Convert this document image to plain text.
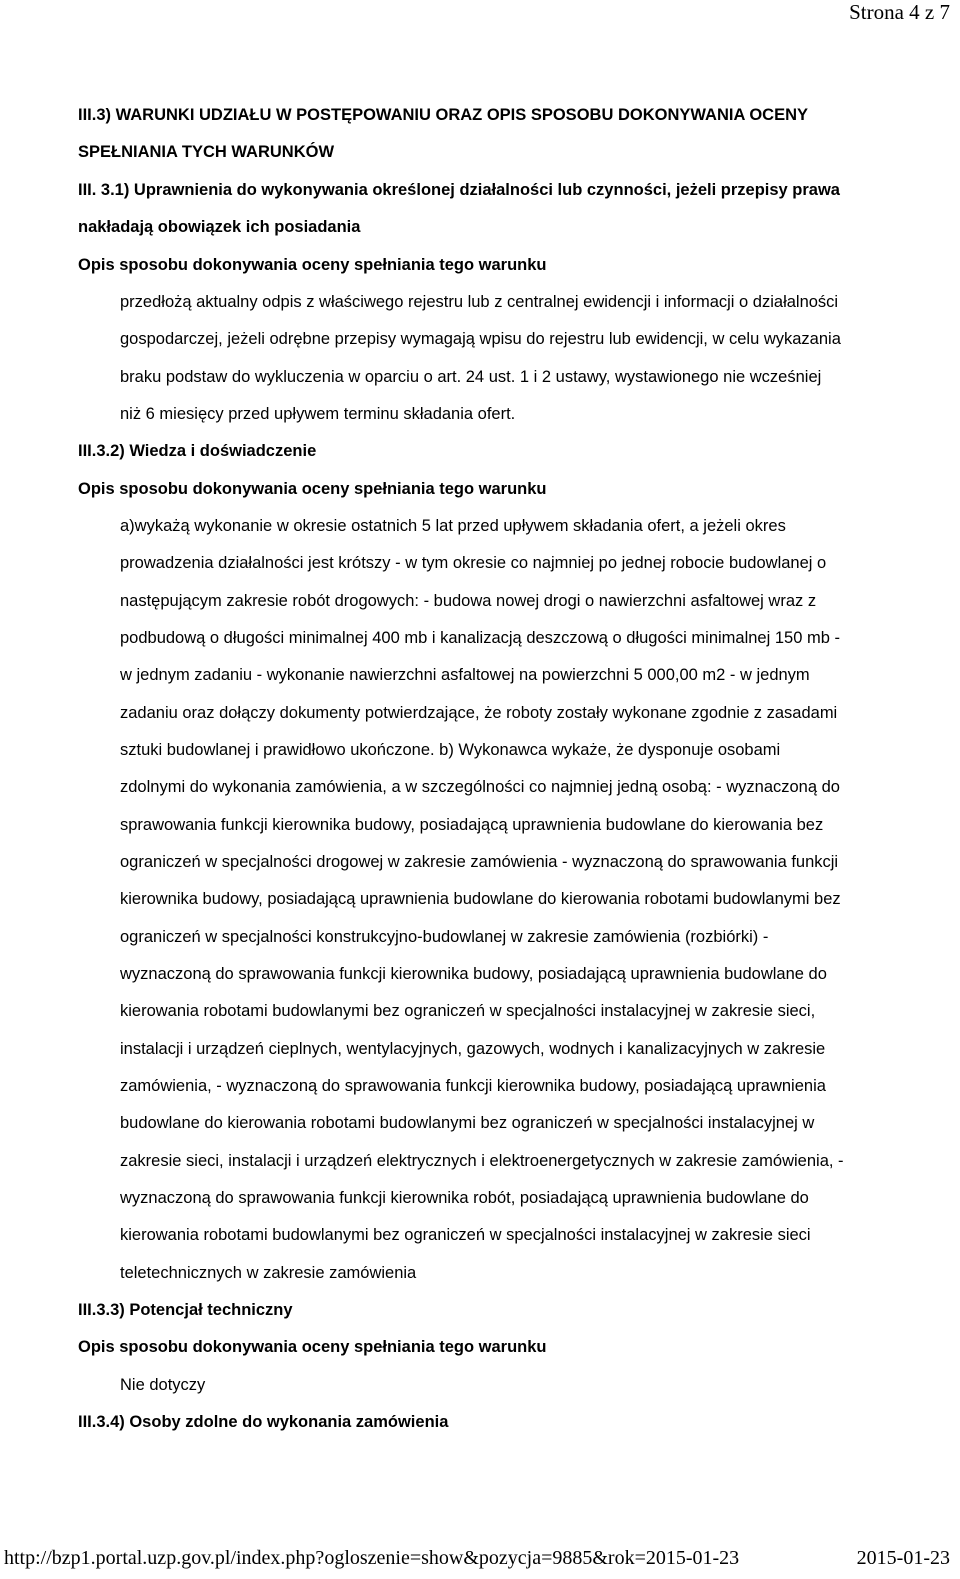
Strona 4 z 7
III.3) WARUNKI UDZIAŁU W POSTĘPOWANIU ORAZ OPIS SPOSOBU DOKONYWANIA OCENY
SPEŁNIANIA TYCH WARUNKÓW
III. 3.1) Uprawnienia do wykonywania określonej działalności lub czynności, jeżeli przepisy prawa
nakładają obowiązek ich posiadania
Opis sposobu dokonywania oceny spełniania tego warunku
przedłożą aktualny odpis z właściwego rejestru lub z centralnej ewidencji i informacji o działalności
gospodarczej, jeżeli odrębne przepisy wymagają wpisu do rejestru lub ewidencji, w celu wykazania
braku podstaw do wykluczenia w oparciu o art. 24 ust. 1 i 2 ustawy, wystawionego nie wcześniej
niż 6 miesięcy przed upływem terminu składania ofert.
III.3.2) Wiedza i doświadczenie
Opis sposobu dokonywania oceny spełniania tego warunku
a)wykażą wykonanie w okresie ostatnich 5 lat przed upływem składania ofert, a jeżeli okres
prowadzenia działalności jest krótszy - w tym okresie co najmniej po jednej robocie budowlanej o
następującym zakresie robót drogowych: - budowa nowej drogi o nawierzchni asfaltowej wraz z
podbudową o długości minimalnej 400 mb i kanalizacją deszczową o długości minimalnej 150 mb -
w jednym zadaniu - wykonanie nawierzchni asfaltowej na powierzchni 5 000,00 m2 - w jednym
zadaniu oraz dołączy dokumenty potwierdzające, że roboty zostały wykonane zgodnie z zasadami
sztuki budowlanej i prawidłowo ukończone. b) Wykonawca wykaże, że dysponuje osobami
zdolnymi do wykonania zamówienia, a w szczególności co najmniej jedną osobą: - wyznaczoną do
sprawowania funkcji kierownika budowy, posiadającą uprawnienia budowlane do kierowania bez
ograniczeń w specjalności drogowej w zakresie zamówienia - wyznaczoną do sprawowania funkcji
kierownika budowy, posiadającą uprawnienia budowlane do kierowania robotami budowlanymi bez
ograniczeń w specjalności konstrukcyjno-budowlanej w zakresie zamówienia (rozbiórki) -
wyznaczoną do sprawowania funkcji kierownika budowy, posiadającą uprawnienia budowlane do
kierowania robotami budowlanymi bez ograniczeń w specjalności instalacyjnej w zakresie sieci,
instalacji i urządzeń cieplnych, wentylacyjnych, gazowych, wodnych i kanalizacyjnych w zakresie
zamówienia, - wyznaczoną do sprawowania funkcji kierownika budowy, posiadającą uprawnienia
budowlane do kierowania robotami budowlanymi bez ograniczeń w specjalności instalacyjnej w
zakresie sieci, instalacji i urządzeń elektrycznych i elektroenergetycznych w zakresie zamówienia, -
wyznaczoną do sprawowania funkcji kierownika robót, posiadającą uprawnienia budowlane do
kierowania robotami budowlanymi bez ograniczeń w specjalności instalacyjnej w zakresie sieci
teletechnicznych w zakresie zamówienia
III.3.3) Potencjał techniczny
Opis sposobu dokonywania oceny spełniania tego warunku
Nie dotyczy
III.3.4) Osoby zdolne do wykonania zamówienia
http://bzp1.portal.uzp.gov.pl/index.php?ogloszenie=show&pozycja=9885&rok=2015-01-23	2015-01-23
